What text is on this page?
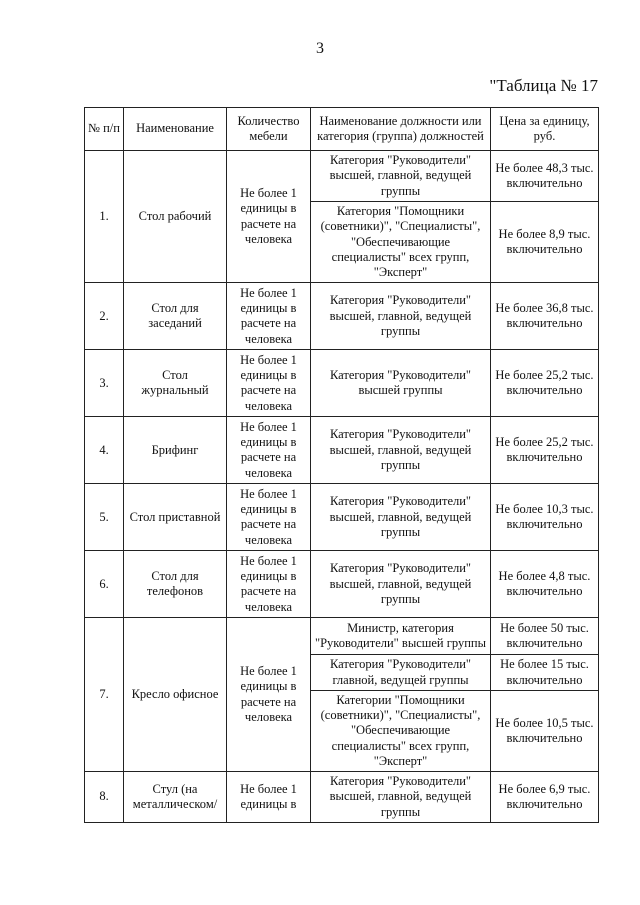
3
"Таблица № 17
№ п/п	Наименование	Количество мебели	Наименование должности или категория (группа) должностей	Цена за единицу, руб.
1.	Стол рабочий	Не более 1 единицы в расчете на человека	Категория "Руководители" высшей, главной, ведущей группы	Не более 48,3 тыс. включительно
			Категория "Помощники (советники)", "Специалисты", "Обеспечивающие специалисты" всех групп, "Эксперт"	Не более 8,9 тыс. включительно
2.	Стол для заседаний	Не более 1 единицы в расчете на человека	Категория "Руководители" высшей, главной, ведущей группы	Не более 36,8 тыс. включительно
3.	Стол журнальный	Не более 1 единицы в расчете на человека	Категория "Руководители" высшей группы	Не более 25,2 тыс. включительно
4.	Брифинг	Не более 1 единицы в расчете на человека	Категория "Руководители" высшей, главной, ведущей группы	Не более 25,2 тыс. включительно
5.	Стол приставной	Не более 1 единицы в расчете на человека	Категория "Руководители" высшей, главной, ведущей группы	Не более 10,3 тыс. включительно
6.	Стол для телефонов	Не более 1 единицы в расчете на человека	Категория "Руководители" высшей, главной, ведущей группы	Не более 4,8 тыс. включительно
7.	Кресло офисное	Не более 1 единицы в расчете на человека	Министр, категория "Руководители" высшей группы	Не более 50 тыс. включительно
			Категория "Руководители" главной, ведущей группы	Не более 15 тыс. включительно
			Категории "Помощники (советники)", "Специалисты", "Обеспечивающие специалисты" всех групп, "Эксперт"	Не более 10,5 тыс. включительно
8.	Стул (на металлическом/	Не более 1 единицы в	Категория "Руководители" высшей, главной, ведущей группы	Не более 6,9 тыс. включительно
